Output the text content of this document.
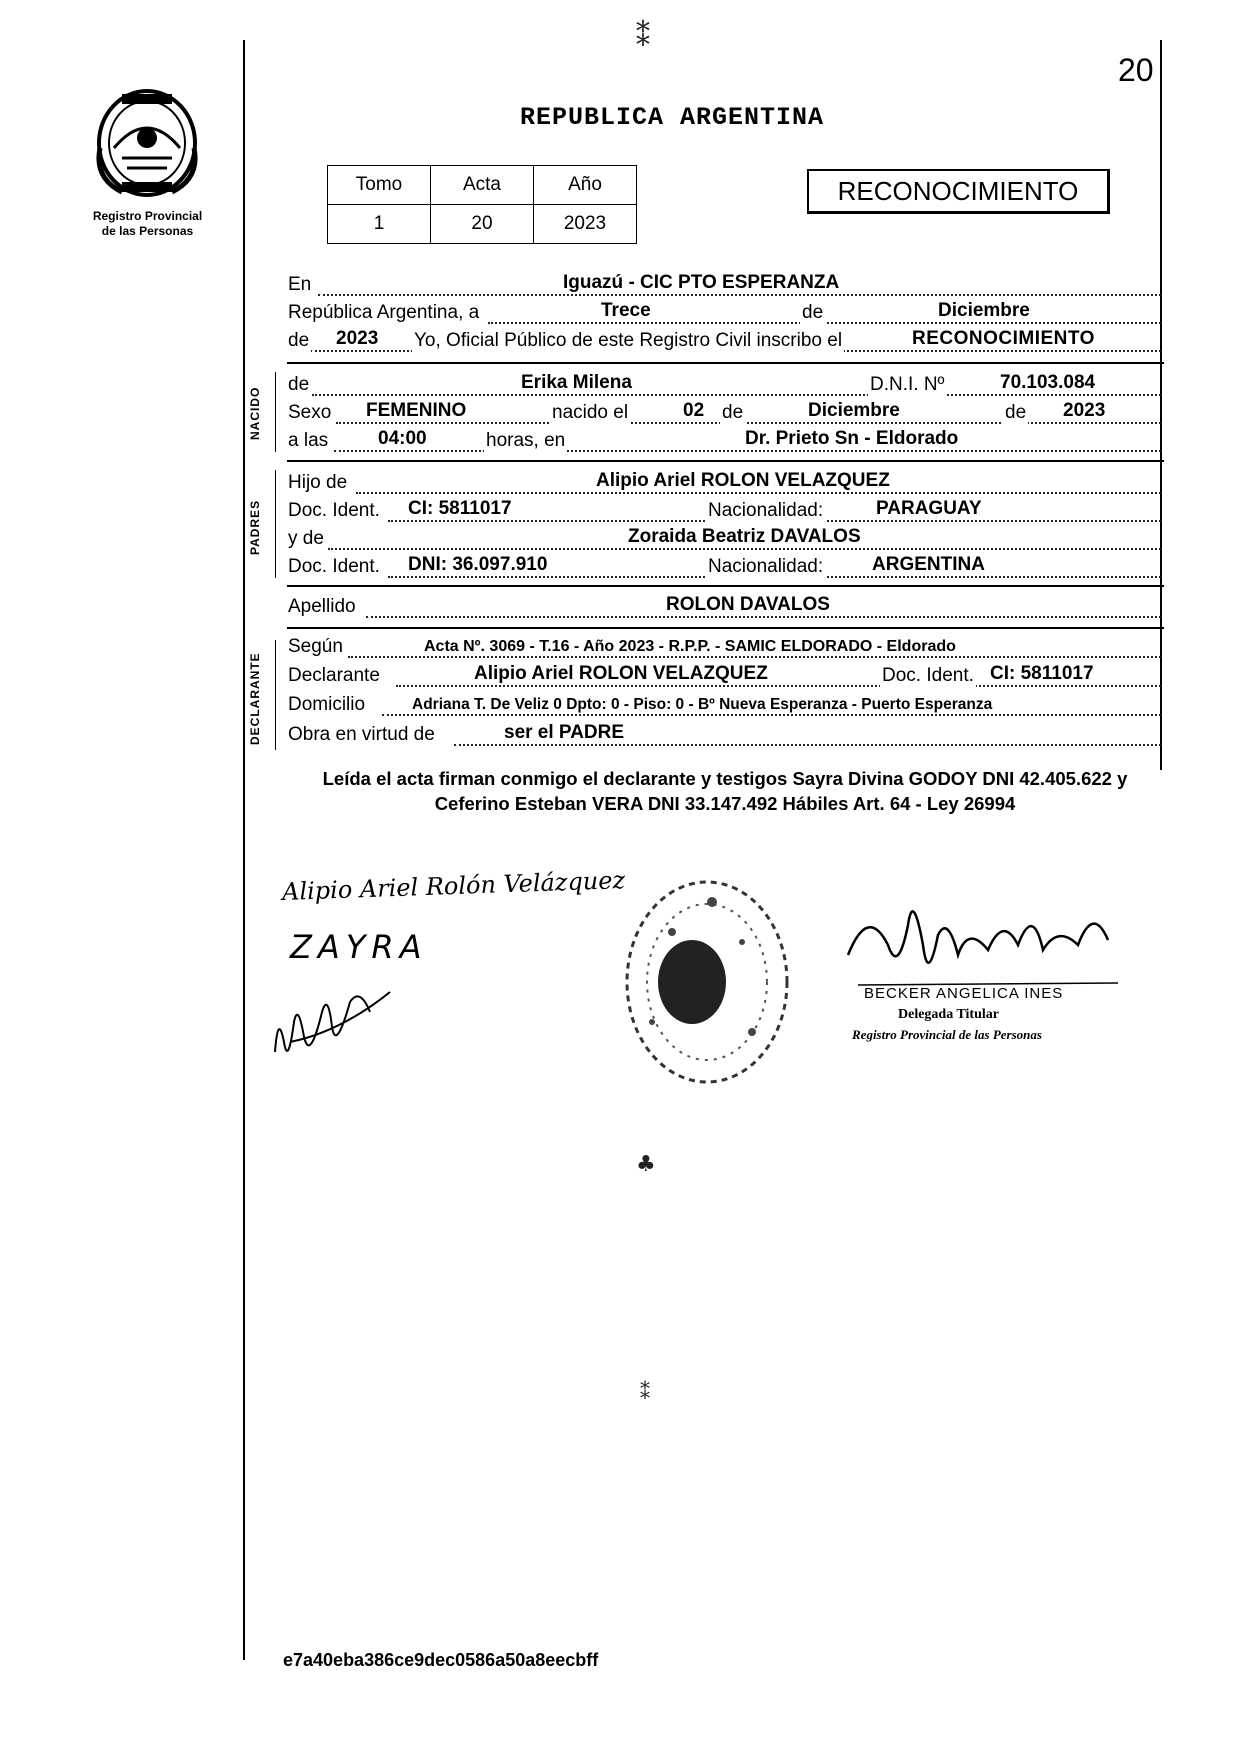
Registro Provincial
de las Personas
20
REPUBLICA ARGENTINA
Tomo	Acta	Año
1	20	2023
RECONOCIMIENTO
En	Iguazú - CIC PTO ESPERANZA
República Argentina, a	Trece	de	Diciembre
de 2023 Yo, Oficial Público de este Registro Civil inscribo el	RECONOCIMIENTO
NACIDO
de	Erika Milena	D.N.I. Nº	70.103.084
Sexo FEMENINO	nacido el	02 de	Diciembre	de 2023
a las	04:00	horas, en	Dr. Prieto Sn - Eldorado
PADRES
Hijo de	Alipio Ariel ROLON VELAZQUEZ
Doc. Ident. CI: 5811017	Nacionalidad:	PARAGUAY
y de	Zoraida Beatriz DAVALOS
Doc. Ident. DNI: 36.097.910	Nacionalidad:	ARGENTINA
Apellido	ROLON DAVALOS
DECLARANTE
Según	Acta Nº. 3069 - T.16 - Año 2023 - R.P.P. - SAMIC ELDORADO - Eldorado
Declarante	Alipio Ariel ROLON VELAZQUEZ	Doc. Ident. CI: 5811017
Domicilio	Adriana T. De Veliz 0 Dpto: 0 - Piso: 0 - Bº Nueva Esperanza - Puerto Esperanza
Obra en virtud de	ser el PADRE
Leída el acta firman conmigo el declarante y testigos Sayra Divina GODOY DNI 42.405.622 y Ceferino Esteban VERA DNI 33.147.492 Hábiles Art. 64 - Ley 26994
Alipio Ariel Rolón Velázquez
ZAYRA
BECKER ANGELICA INES
Delegada Titular
Registro Provincial de las Personas
⁑
♣
⁑
e7a40eba386ce9dec0586a50a8eecbff
